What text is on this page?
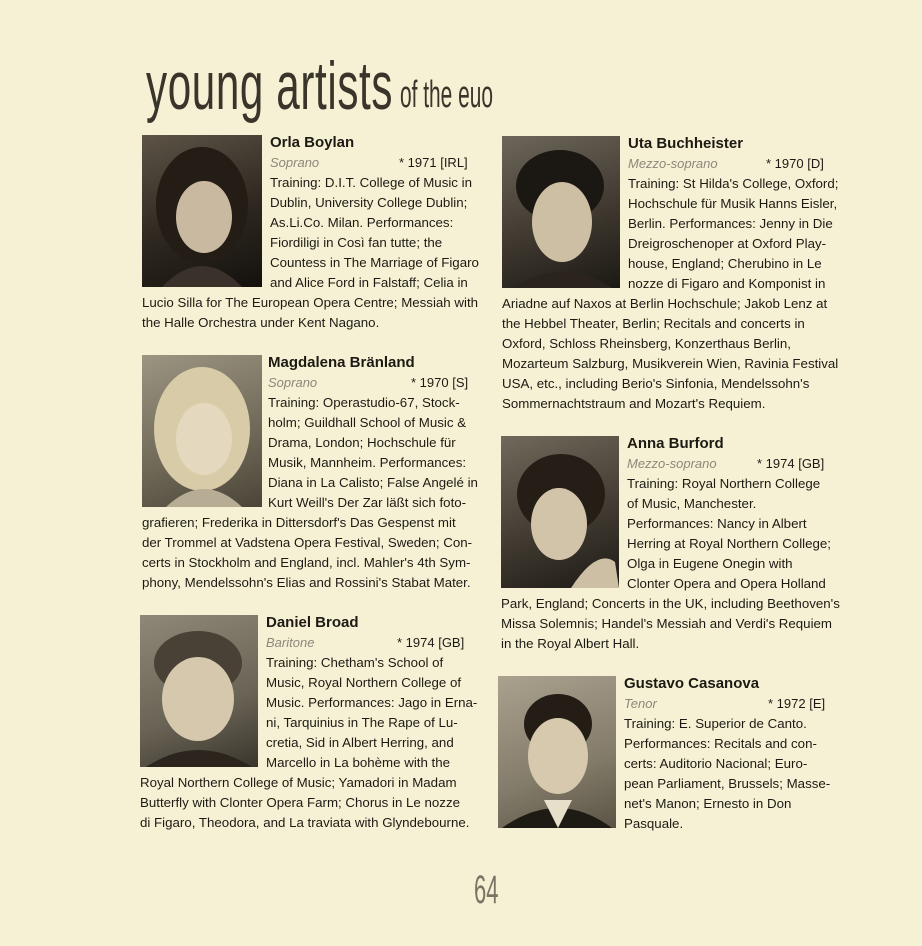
young artists of the euo
Orla Boylan
Soprano	* 1971 [IRL]
Training: D.I.T. College of Music in
Dublin, University College Dublin;
As.Li.Co. Milan. Performances:
Fiordiligi in Così fan tutte; the
Countess in The Marriage of Figaro
and Alice Ford in Falstaff; Celia in
Lucio Silla for The European Opera Centre; Messiah with
the Halle Orchestra under Kent Nagano.
Magdalena Bränland
Soprano	* 1970 [S]
Training: Operastudio-67, Stock-
holm; Guildhall School of Music &
Drama, London; Hochschule für
Musik, Mannheim. Performances:
Diana in La Calisto; False Angelé in
Kurt Weill's Der Zar läßt sich foto-
grafieren; Frederika in Dittersdorf's Das Gespenst mit
der Trommel at Vadstena Opera Festival, Sweden; Con-
certs in Stockholm and England, incl. Mahler's 4th Sym-
phony, Mendelssohn's Elias and Rossini's Stabat Mater.
Daniel Broad
Baritone	* 1974 [GB]
Training: Chetham's School of
Music, Royal Northern College of
Music. Performances: Jago in Erna-
ni, Tarquinius in The Rape of Lu-
cretia, Sid in Albert Herring, and
Marcello in La bohème with the
Royal Northern College of Music; Yamadori in Madam
Butterfly with Clonter Opera Farm; Chorus in Le nozze
di Figaro, Theodora, and La traviata with Glyndebourne.
Uta Buchheister
Mezzo-soprano	* 1970 [D]
Training: St Hilda's College, Oxford;
Hochschule für Musik Hanns Eisler,
Berlin. Performances: Jenny in Die
Dreigroschenoper at Oxford Play-
house, England; Cherubino in Le
nozze di Figaro and Komponist in
Ariadne auf Naxos at Berlin Hochschule; Jakob Lenz at
the Hebbel Theater, Berlin; Recitals and concerts in
Oxford, Schloss Rheinsberg, Konzerthaus Berlin,
Mozarteum Salzburg, Musikverein Wien, Ravinia Festival
USA, etc., including Berio's Sinfonia, Mendelssohn's
Sommernachtstraum and Mozart's Requiem.
Anna Burford
Mezzo-soprano	* 1974 [GB]
Training: Royal Northern College
of Music, Manchester.
Performances: Nancy in Albert
Herring at Royal Northern College;
Olga in Eugene Onegin with
Clonter Opera and Opera Holland
Park, England; Concerts in the UK, including Beethoven's
Missa Solemnis; Handel's Messiah and Verdi's Requiem
in the Royal Albert Hall.
Gustavo Casanova
Tenor	* 1972 [E]
Training: E. Superior de Canto.
Performances: Recitals and con-
certs: Auditorio Nacional; Euro-
pean Parliament, Brussels; Masse-
net's Manon; Ernesto in Don
Pasquale.
64
